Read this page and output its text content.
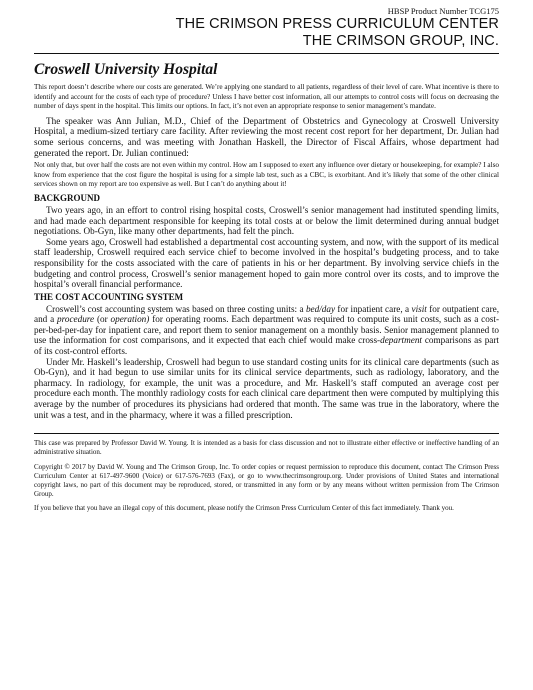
HBSP Product Number TCG175
THE CRIMSON PRESS CURRICULUM CENTER
THE CRIMSON GROUP, INC.
Croswell University Hospital

This report doesn’t describe where our costs are generated. We’re applying one standard to all patients, regardless of their level of care. What incentive is there to identify and account for the costs of each type of procedure? Unless I have better cost information, all our attempts to control costs will focus on decreasing the number of days spent in the hospital. This limits our options. In fact, it’s not even an appropriate response to senior management’s mandate.

The speaker was Ann Julian, M.D., Chief of the Department of Obstetrics and Gynecology at Croswell University Hospital, a medium-sized tertiary care facility. After reviewing the most recent cost report for her department, Dr. Julian had some serious concerns, and was meeting with Jonathan Haskell, the Director of Fiscal Affairs, whose department had generated the report. Dr. Julian continued:

Not only that, but over half the costs are not even within my control. How am I supposed to exert any influence over dietary or housekeeping, for example? I also know from experience that the cost figure the hospital is using for a simple lab test, such as a CBC, is exorbitant. And it’s likely that some of the other clinical services shown on my report are too expensive as well. But I can’t do anything about it!

BACKGROUND

Two years ago, in an effort to control rising hospital costs, Croswell’s senior management had instituted spending limits, and had made each department responsible for keeping its total costs at or below the limit determined during annual budget negotiations. Ob-Gyn, like many other departments, had felt the pinch.

Some years ago, Croswell had established a departmental cost accounting system, and now, with the support of its medical staff leadership, Croswell required each service chief to become involved in the hospital’s budgeting process, and to take responsibility for the costs associated with the care of patients in his or her department. By involving service chiefs in the budgeting and control process, Croswell’s senior management hoped to gain more control over its costs, and to improve the hospital’s overall financial performance.

THE COST ACCOUNTING SYSTEM

Croswell’s cost accounting system was based on three costing units: a bed/day for inpatient care, a visit for outpatient care, and a procedure (or operation) for operating rooms. Each department was required to compute its unit costs, such as a cost-per-bed-per-day for inpatient care, and report them to senior management on a monthly basis. Senior management planned to use the information for cost comparisons, and it expected that each chief would make cross-department comparisons as part of its cost-control efforts.

Under Mr. Haskell’s leadership, Croswell had begun to use standard costing units for its clinical care departments (such as Ob-Gyn), and it had begun to use similar units for its clinical service departments, such as radiology, laboratory, and the pharmacy. In radiology, for example, the unit was a procedure, and Mr. Haskell’s staff computed an average cost per procedure each month. The monthly radiology costs for each clinical care department then were computed by multiplying this average by the number of procedures its physicians had ordered that month. The same was true in the laboratory, where the unit was a test, and in the pharmacy, where it was a filled prescription.

This case was prepared by Professor David W. Young. It is intended as a basis for class discussion and not to illustrate either effective or ineffective handling of an administrative situation.

Copyright © 2017 by David W. Young and The Crimson Group, Inc. To order copies or request permission to reproduce this document, contact The Crimson Press Curriculum Center at 617-497-9600 (Voice) or 617-576-7693 (Fax), or go to www.thecrimsongroup.org. Under provisions of United States and international copyright laws, no part of this document may be reproduced, stored, or transmitted in any form or by any means without written permission from The Crimson Group.

If you believe that you have an illegal copy of this document, please notify the Crimson Press Curriculum Center of this fact immediately. Thank you.
